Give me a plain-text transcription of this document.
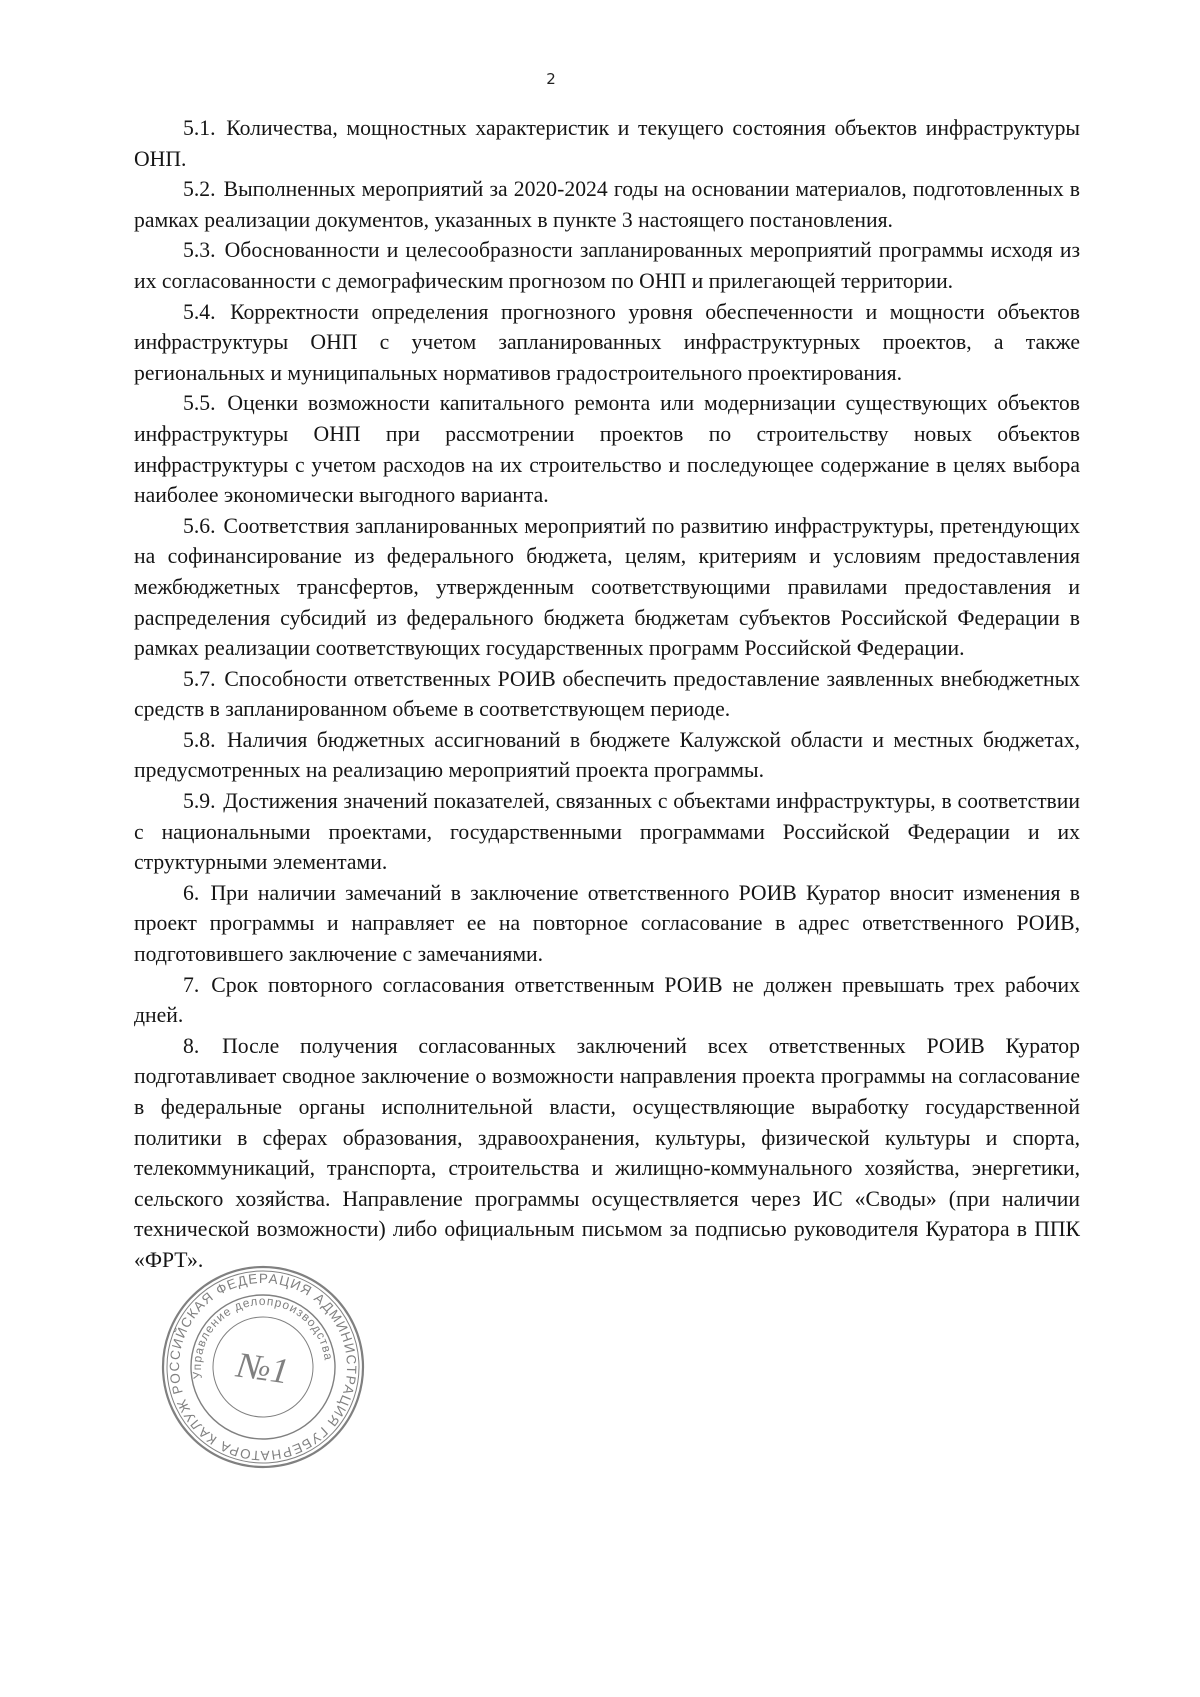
2

5.1. Количества, мощностных характеристик и текущего состояния объектов инфраструктуры ОНП.

5.2. Выполненных мероприятий за 2020-2024 годы на основании материалов, подготовленных в рамках реализации документов, указанных в пункте 3 настоящего постановления.

5.3. Обоснованности и целесообразности запланированных мероприятий программы исходя из их согласованности с демографическим прогнозом по ОНП и прилегающей территории.

5.4. Корректности определения прогнозного уровня обеспеченности и мощности объектов инфраструктуры ОНП с учетом запланированных инфраструктурных проектов, а также региональных и муниципальных нормативов градостроительного проектирования.

5.5. Оценки возможности капитального ремонта или модернизации существующих объектов инфраструктуры ОНП при рассмотрении проектов по строительству новых объектов инфраструктуры с учетом расходов на их строительство и последующее содержание в целях выбора наиболее экономически выгодного варианта.

5.6. Соответствия запланированных мероприятий по развитию инфраструктуры, претендующих на софинансирование из федерального бюджета, целям, критериям и условиям предоставления межбюджетных трансфертов, утвержденным соответствующими правилами предоставления и распределения субсидий из федерального бюджета бюджетам субъектов Российской Федерации в рамках реализации соответствующих государственных программ Российской Федерации.

5.7. Способности ответственных РОИВ обеспечить предоставление заявленных внебюджетных средств в запланированном объеме в соответствующем периоде.

5.8. Наличия бюджетных ассигнований в бюджете Калужской области и местных бюджетах, предусмотренных на реализацию мероприятий проекта программы.

5.9. Достижения значений показателей, связанных с объектами инфраструктуры, в соответствии с национальными проектами, государственными программами Российской Федерации и их структурными элементами.

6. При наличии замечаний в заключение ответственного РОИВ Куратор вносит изменения в проект программы и направляет ее на повторное согласование в адрес ответственного РОИВ, подготовившего заключение с замечаниями.

7. Срок повторного согласования ответственным РОИВ не должен превышать трех рабочих дней.

8. После получения согласованных заключений всех ответственных РОИВ Куратор подготавливает сводное заключение о возможности направления проекта программы на согласование в федеральные органы исполнительной власти, осуществляющие выработку государственной политики в сферах образования, здравоохранения, культуры, физической культуры и спорта, телекоммуникаций, транспорта, строительства и жилищно-коммунального хозяйства, энергетики, сельского хозяйства. Направление программы осуществляется через ИС «Своды» (при наличии технической возможности) либо официальным письмом за подписью руководителя Куратора в ППК «ФРТ».

РОССИЙСКАЯ ФЕДЕРАЦИЯ АДМИНИСТРАЦИЯ ГУБЕРНАТОРА КАЛУЖСКОЙ
Управление делопроизводства
№1
